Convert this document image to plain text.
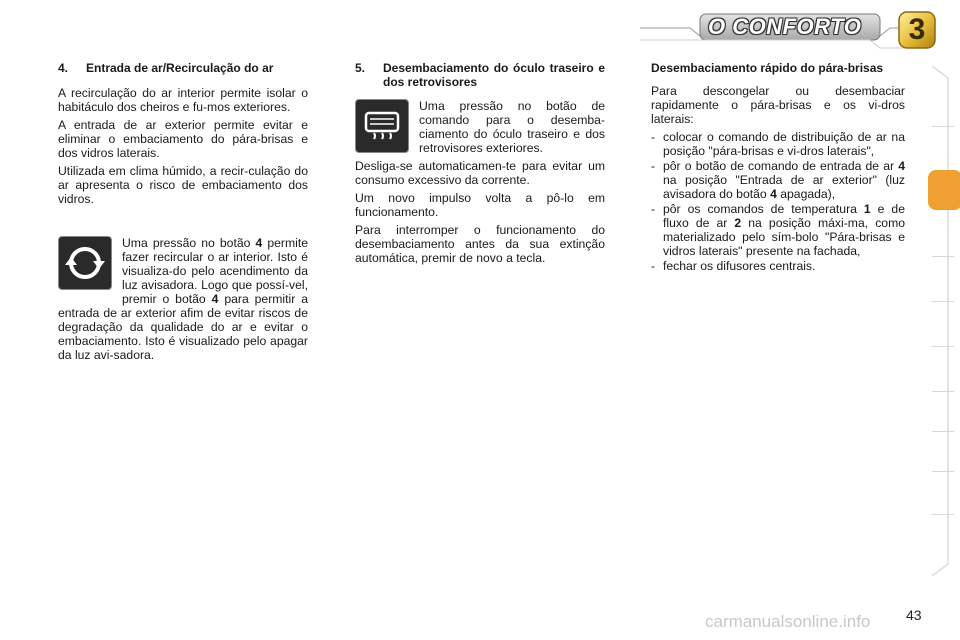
O CONFORTO	3
4.	Entrada de ar/Recirculação do ar

A recirculação do ar interior permite isolar o habitáculo dos cheiros e fu-mos exteriores.

A entrada de ar exterior permite evitar e eliminar o embaciamento do pára-brisas e dos vidros laterais.

Utilizada em clima húmido, a recir-culação do ar apresenta o risco de embaciamento dos vidros.

Uma pressão no botão 4 permite fazer recircular o ar interior. Isto é visualiza-do pelo acendimento da luz avisadora. Logo que possí-vel, premir o botão 4 para permitir a entrada de ar exterior afim de evitar riscos de degradação da qualidade do ar e evitar o embaciamento. Isto é visualizado pelo apagar da luz avi-sadora.

5.	Desembaciamento do óculo traseiro e dos retrovisores

Uma pressão no botão de comando para o desemba-ciamento do óculo traseiro e dos retrovisores exteriores.

Desliga-se automaticamen-te para evitar um consumo excessivo da corrente.

Um novo impulso volta a pô-lo em funcionamento.

Para interromper o funcionamento do desembaciamento antes da sua extinção automática, premir de novo a tecla.

Desembaciamento rápido do pára-brisas

Para descongelar ou desembaciar rapidamente o pára-brisas e os vi-dros laterais:

- colocar o comando de distribuição de ar na posição "pára-brisas e vi-dros laterais",
- pôr o botão de comando de entrada de ar 4 na posição "Entrada de ar exterior" (luz avisadora do botão 4 apagada),
- pôr os comandos de temperatura 1 e de fluxo de ar 2 na posição máxi-ma, como materializado pelo sím-bolo "Pára-brisas e vidros laterais" presente na fachada,
- fechar os difusores centrais.
carmanualsonline.info	43
